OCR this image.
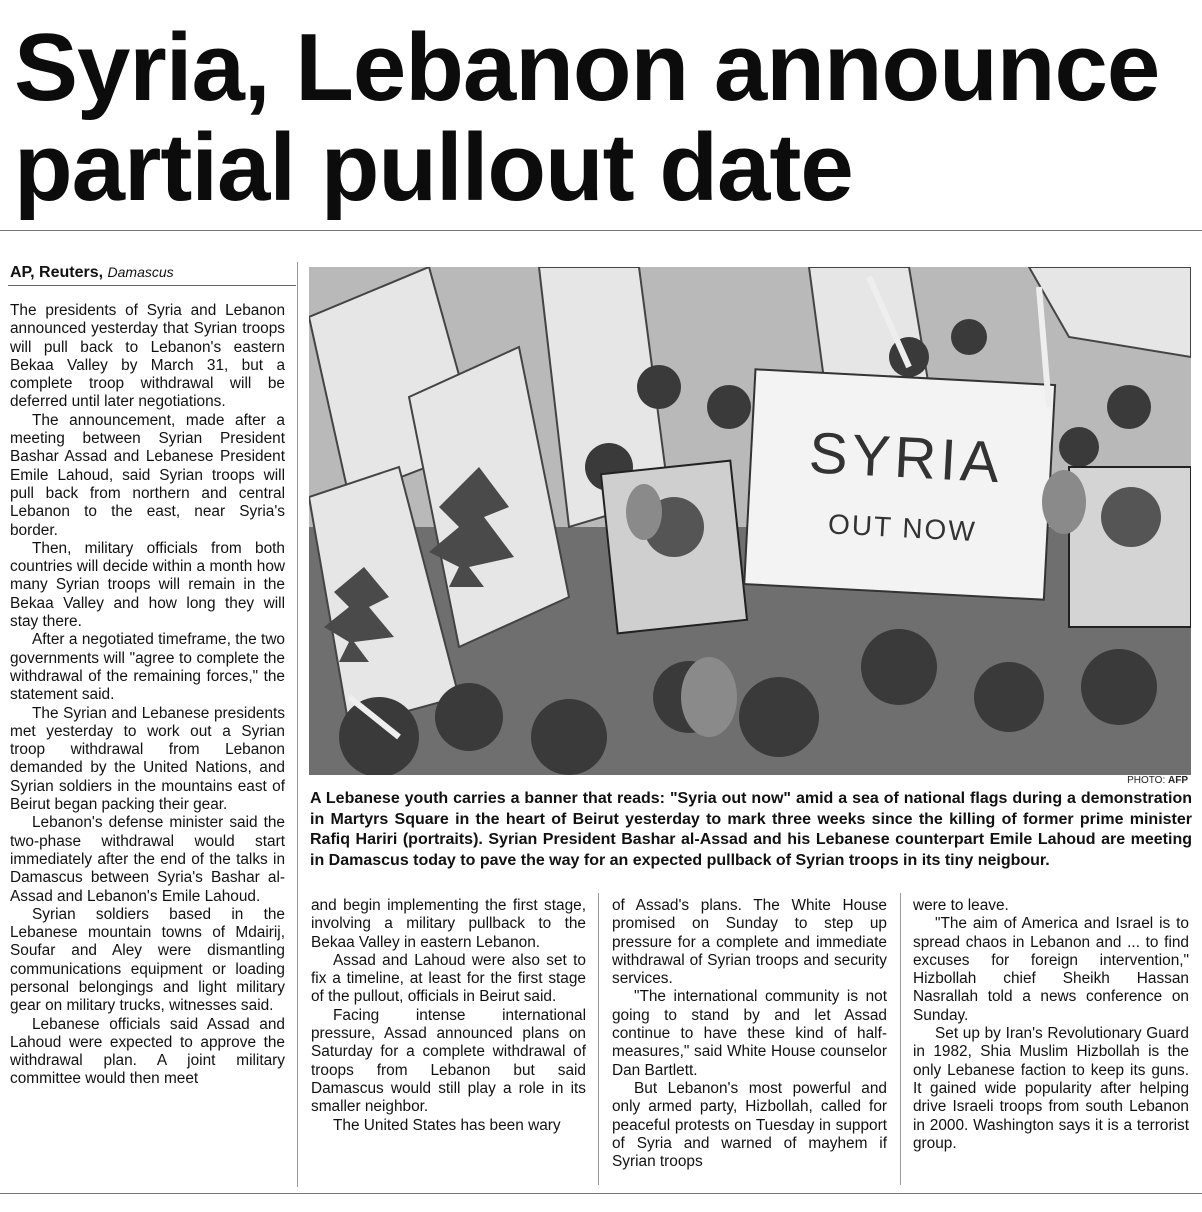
Syria, Lebanon announce
partial pullout date
AP, Reuters, Damascus

The presidents of Syria and Lebanon announced yesterday that Syrian troops will pull back to Lebanon's eastern Bekaa Valley by March 31, but a complete troop withdrawal will be deferred until later negotiations.

The announcement, made after a meeting between Syrian President Bashar Assad and Lebanese President Emile Lahoud, said Syrian troops will pull back from northern and central Lebanon to the east, near Syria's border.

Then, military officials from both countries will decide within a month how many Syrian troops will remain in the Bekaa Valley and how long they will stay there.

After a negotiated timeframe, the two governments will "agree to complete the withdrawal of the remaining forces," the statement said.

The Syrian and Lebanese presidents met yesterday to work out a Syrian troop withdrawal from Lebanon demanded by the United Nations, and Syrian soldiers in the mountains east of Beirut began packing their gear.

Lebanon's defense minister said the two-phase withdrawal would start immediately after the end of the talks in Damascus between Syria's Bashar al-Assad and Lebanon's Emile Lahoud.

Syrian soldiers based in the Lebanese mountain towns of Mdairij, Soufar and Aley were dismantling communications equipment or loading personal belongings and light military gear on military trucks, witnesses said.

Lebanese officials said Assad and Lahoud were expected to approve the withdrawal plan. A joint military committee would then meet

SYRIA
OUT NOW
PHOTO: AFP
A Lebanese youth carries a banner that reads: "Syria out now" amid a sea of national flags during a demonstration in Martyrs Square in the heart of Beirut yesterday to mark three weeks since the killing of former prime minister Rafiq Hariri (portraits). Syrian President Bashar al-Assad and his Lebanese counterpart Emile Lahoud are meeting in Damascus today to pave the way for an expected pullback of Syrian troops in its tiny neigbour.

and begin implementing the first stage, involving a military pullback to the Bekaa Valley in eastern Lebanon.

Assad and Lahoud were also set to fix a timeline, at least for the first stage of the pullout, officials in Beirut said.

Facing intense international pressure, Assad announced plans on Saturday for a complete withdrawal of troops from Lebanon but said Damascus would still play a role in its smaller neighbor.

The United States has been wary

of Assad's plans. The White House promised on Sunday to step up pressure for a complete and immediate withdrawal of Syrian troops and security services.

"The international community is not going to stand by and let Assad continue to have these kind of half-measures," said White House counselor Dan Bartlett.

But Lebanon's most powerful and only armed party, Hizbollah, called for peaceful protests on Tuesday in support of Syria and warned of mayhem if Syrian troops

were to leave.

"The aim of America and Israel is to spread chaos in Lebanon and ... to find excuses for foreign intervention," Hizbollah chief Sheikh Hassan Nasrallah told a news conference on Sunday.

Set up by Iran's Revolutionary Guard in 1982, Shia Muslim Hizbollah is the only Lebanese faction to keep its guns. It gained wide popularity after helping drive Israeli troops from south Lebanon in 2000. Washington says it is a terrorist group.
